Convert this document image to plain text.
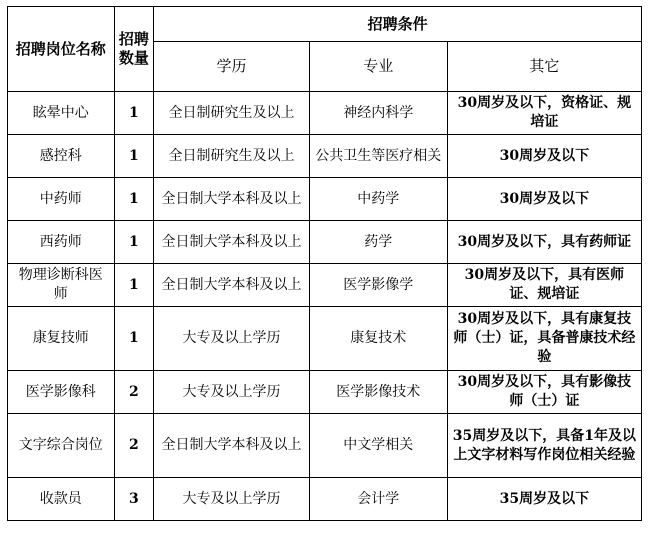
招聘岗位名称	招聘数量	招聘条件		
		学历	专业	其它
眩晕中心	1	全日制研究生及以上	神经内科学	30周岁及以下，资格证、规培证
感控科	1	全日制研究生及以上	公共卫生等医疗相关	30周岁及以下
中药师	1	全日制大学本科及以上	中药学	30周岁及以下
西药师	1	全日制大学本科及以上	药学	30周岁及以下，具有药师证
物理诊断科医师	1	全日制大学本科及以上	医学影像学	30周岁及以下，具有医师证、规培证
康复技师	1	大专及以上学历	康复技术	30周岁及以下，具有康复技师（士）证，具备普康技术经验
医学影像科	2	大专及以上学历	医学影像技术	30周岁及以下，具有影像技师（士）证
文字综合岗位	2	全日制大学本科及以上	中文学相关	35周岁及以下，具备1年及以上文字材料写作岗位相关经验
收款员	3	大专及以上学历	会计学	35周岁及以下
